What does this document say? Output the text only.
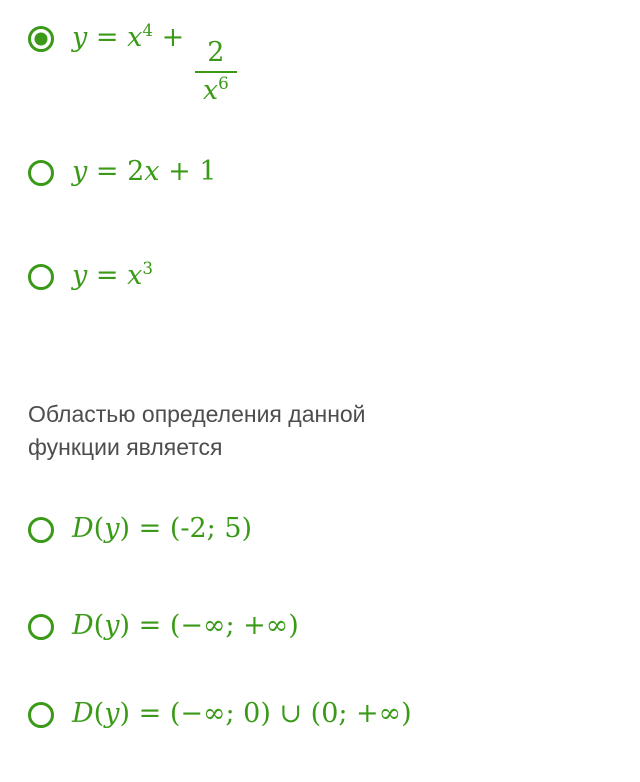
$y = x^4$ +
$\frac{2}{x^6}$
y = 2x + 1
$y = x^3$
Областью определения данной
функции является
D(y) = (-2; 5)
D(y) = (−∞; +∞)
D(y) = (−∞; 0) ∪ (0; +∞)
